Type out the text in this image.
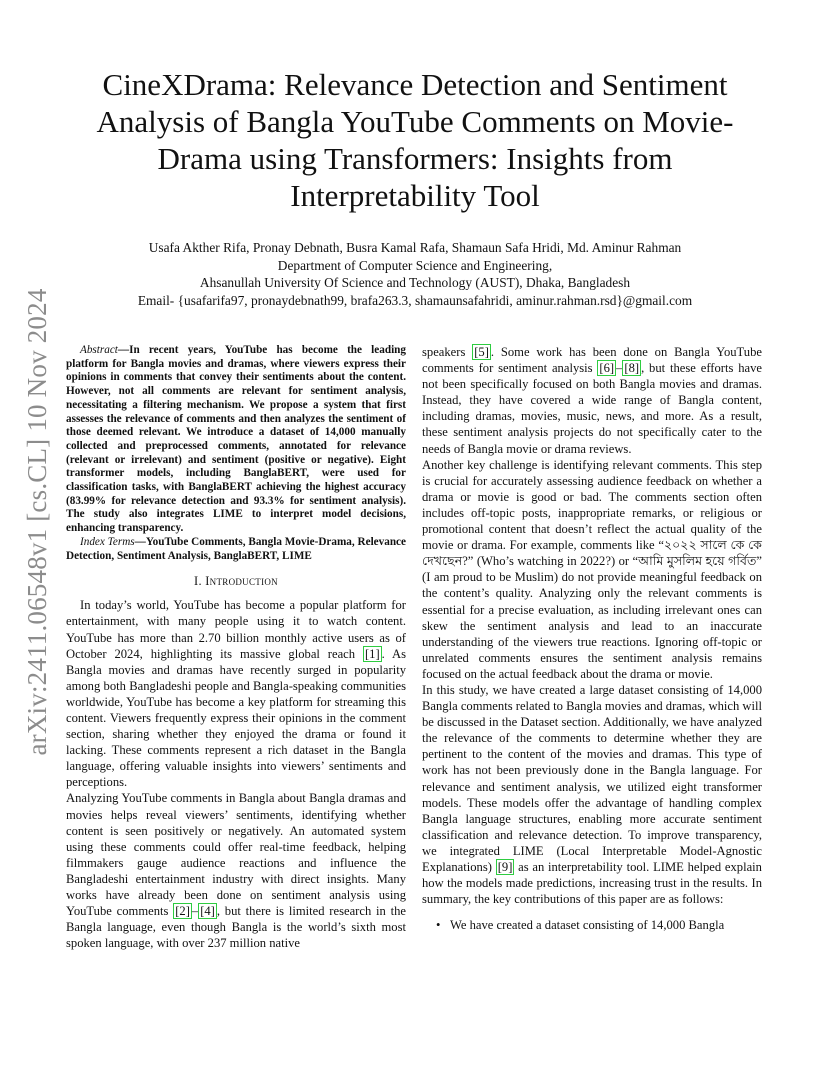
arXiv:2411.06548v1 [cs.CL] 10 Nov 2024
CineXDrama: Relevance Detection and Sentiment Analysis of Bangla YouTube Comments on Movie-Drama using Transformers: Insights from Interpretability Tool
Usafa Akther Rifa, Pronay Debnath, Busra Kamal Rafa, Shamaun Safa Hridi, Md. Aminur Rahman
Department of Computer Science and Engineering,
Ahsanullah University Of Science and Technology (AUST), Dhaka, Bangladesh
Email- {usafarifa97, pronaydebnath99, brafa263.3, shamaunsafahridi, aminur.rahman.rsd}@gmail.com

Abstract—In recent years, YouTube has become the leading platform for Bangla movies and dramas, where viewers express their opinions in comments that convey their sentiments about the content. However, not all comments are relevant for sentiment analysis, necessitating a filtering mechanism. We propose a system that first assesses the relevance of comments and then analyzes the sentiment of those deemed relevant. We introduce a dataset of 14,000 manually collected and preprocessed comments, annotated for relevance (relevant or irrelevant) and sentiment (positive or negative). Eight transformer models, including BanglaBERT, were used for classification tasks, with BanglaBERT achieving the highest accuracy (83.99% for relevance detection and 93.3% for sentiment analysis). The study also integrates LIME to interpret model decisions, enhancing transparency.

Index Terms—YouTube Comments, Bangla Movie-Drama, Relevance Detection, Sentiment Analysis, BanglaBERT, LIME

I. Introduction

In today’s world, YouTube has become a popular platform for entertainment, with many people using it to watch content. YouTube has more than 2.70 billion monthly active users as of October 2024, highlighting its massive global reach [1] . As Bangla movies and dramas have recently surged in popularity among both Bangladeshi people and Bangla-speaking communities worldwide, YouTube has become a key platform for streaming this content. Viewers frequently express their opinions in the comment section, sharing whether they enjoyed the drama or found it lacking. These comments represent a rich dataset in the Bangla language, offering valuable insights into viewers’ sentiments and perceptions.

Analyzing YouTube comments in Bangla about Bangla dramas and movies helps reveal viewers’ sentiments, identifying whether content is seen positively or negatively. An automated system using these comments could offer real-time feedback, helping filmmakers gauge audience reactions and influence the Bangladeshi entertainment industry with direct insights. Many works have already been done on sentiment analysis using YouTube comments [2] – [4] , but there is limited research in the Bangla language, even though Bangla is the world’s sixth most spoken language, with over 237 million native

speakers [5] . Some work has been done on Bangla YouTube comments for sentiment analysis [6] – [8] , but these efforts have not been specifically focused on both Bangla movies and dramas. Instead, they have covered a wide range of Bangla content, including dramas, movies, music, news, and more. As a result, these sentiment analysis projects do not specifically cater to the needs of Bangla movie or drama reviews.

Another key challenge is identifying relevant comments. This step is crucial for accurately assessing audience feedback on whether a drama or movie is good or bad. The comments section often includes off-topic posts, inappropriate remarks, or religious or promotional content that doesn’t reflect the actual quality of the movie or drama. For example, comments like “২০২২ সালে কে কে দেখছেন?” (Who’s watching in 2022?) or “আমি মুসলিম হয়ে গর্বিত” (I am proud to be Muslim) do not provide meaningful feedback on the content’s quality. Analyzing only the relevant comments is essential for a precise evaluation, as including irrelevant ones can skew the sentiment analysis and lead to an inaccurate understanding of the viewers true reactions. Ignoring off-topic or unrelated comments ensures the sentiment analysis remains focused on the actual feedback about the drama or movie.

In this study, we have created a large dataset consisting of 14,000 Bangla comments related to Bangla movies and dramas, which will be discussed in the Dataset section. Additionally, we have analyzed the relevance of the comments to determine whether they are pertinent to the content of the movies and dramas. This type of work has not been previously done in the Bangla language. For relevance and sentiment analysis, we utilized eight transformer models. These models offer the advantage of handling complex Bangla language structures, enabling more accurate sentiment classification and relevance detection. To improve transparency, we integrated LIME (Local Interpretable Model-Agnostic Explanations) [9] as an interpretability tool. LIME helped explain how the models made predictions, increasing trust in the results. In summary, the key contributions of this paper are as follows:

• We have created a dataset consisting of 14,000 Bangla
